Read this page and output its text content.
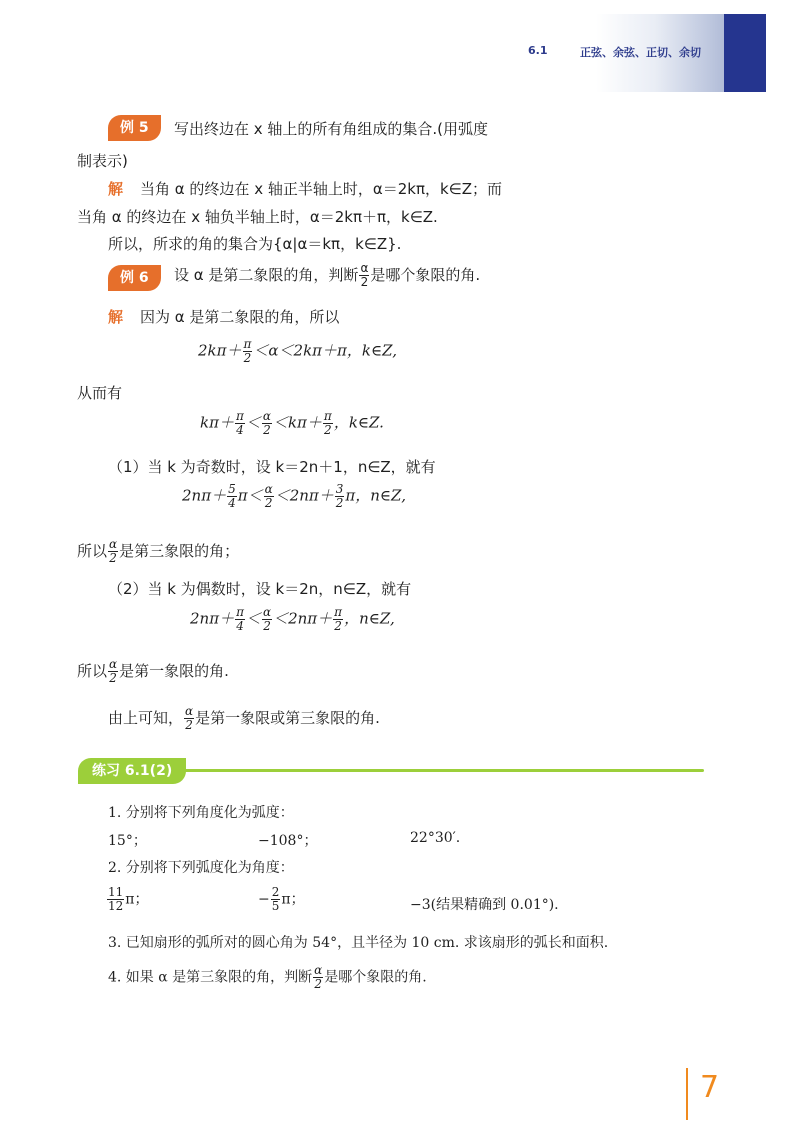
6.1	正弦、余弦、正切、余切
例 5	写出终边在 x 轴上的所有角组成的集合.(用弧度
制表示)
解 当角 α 的终边在 x 轴正半轴上时，α＝2kπ，k∈Z；而
当角 α 的终边在 x 轴负半轴上时，α＝2kπ＋π，k∈Z.
所以，所求的角的集合为{α|α＝kπ，k∈Z}.
例 6	设 α 是第二象限的角，判断 $\frac{\alpha}{2}$ 是哪个象限的角.
解 因为 α 是第二象限的角，所以
$2k\pi+ \frac{\pi}{2} <\alpha<2k\pi+\pi$，k∈Z,
从而有
$k\pi+ \frac{\pi}{4} < \frac{\alpha}{2} <k\pi+ \frac{\pi}{2}$ ，k∈Z.
（1）当 k 为奇数时，设 k＝2n＋1，n∈Z，就有
$2n\pi+ \frac{5}{4} \pi< \frac{\alpha}{2} <2n\pi+ \frac{3}{2}$ π，n∈Z,
所以 $\frac{\alpha}{2}$ 是第三象限的角；
（2）当 k 为偶数时，设 k＝2n，n∈Z，就有
$2n\pi+ \frac{\pi}{4} < \frac{\alpha}{2} <2n\pi+ \frac{\pi}{2}$ ，n∈Z,
所以 $\frac{\alpha}{2}$ 是第一象限的角.
由上可知， $\frac{\alpha}{2}$ 是第一象限或第三象限的角.
练习 6.1(2)
1. 分别将下列角度化为弧度：
15°；	−108°；	22°30′.
2. 分别将下列弧度化为角度：
$\frac{11}{12}$ π；	− $\frac{2}{5}$ π；	−3(结果精确到 0.01°).
3. 已知扇形的弧所对的圆心角为 54°，且半径为 10 cm. 求该扇形的弧长和面积.
4. 如果 α 是第三象限的角，判断 $\frac{\alpha}{2}$ 是哪个象限的角.
7
